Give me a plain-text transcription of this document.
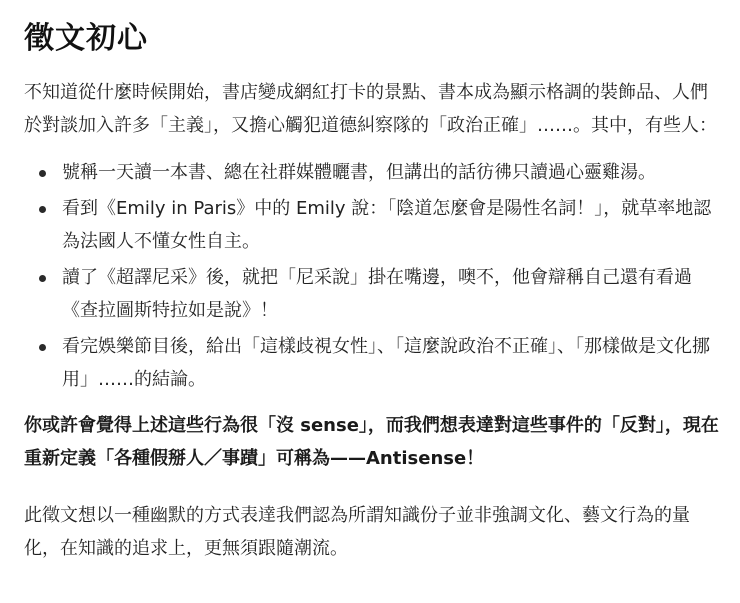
徵文初心

不知道從什麼時候開始，書店變成網紅打卡的景點、書本成為顯示格調的裝飾品、人們於對談加入許多「主義」，又擔心觸犯道德糾察隊的「政治正確」……。其中，有些人：

號稱一天讀一本書、總在社群媒體曬書，但講出的話彷彿只讀過心靈雞湯。
看到《Emily in Paris》中的 Emily 說：「陰道怎麼會是陽性名詞！」，就草率地認為法國人不懂女性自主。
讀了《超譯尼采》後，就把「尼采說」掛在嘴邊，噢不，他會辯稱自己還有看過《查拉圖斯特拉如是說》！
看完娛樂節目後，給出「這樣歧視女性」、「這麼說政治不正確」、「那樣做是文化挪用」……的結論。

你或許會覺得上述這些行為很「沒 sense」，而我們想表達對這些事件的「反對」，現在重新定義「各種假掰人／事蹟」可稱為——Antisense！

此徵文想以一種幽默的方式表達我們認為所謂知識份子並非強調文化、藝文行為的量化，在知識的追求上，更無須跟隨潮流。
